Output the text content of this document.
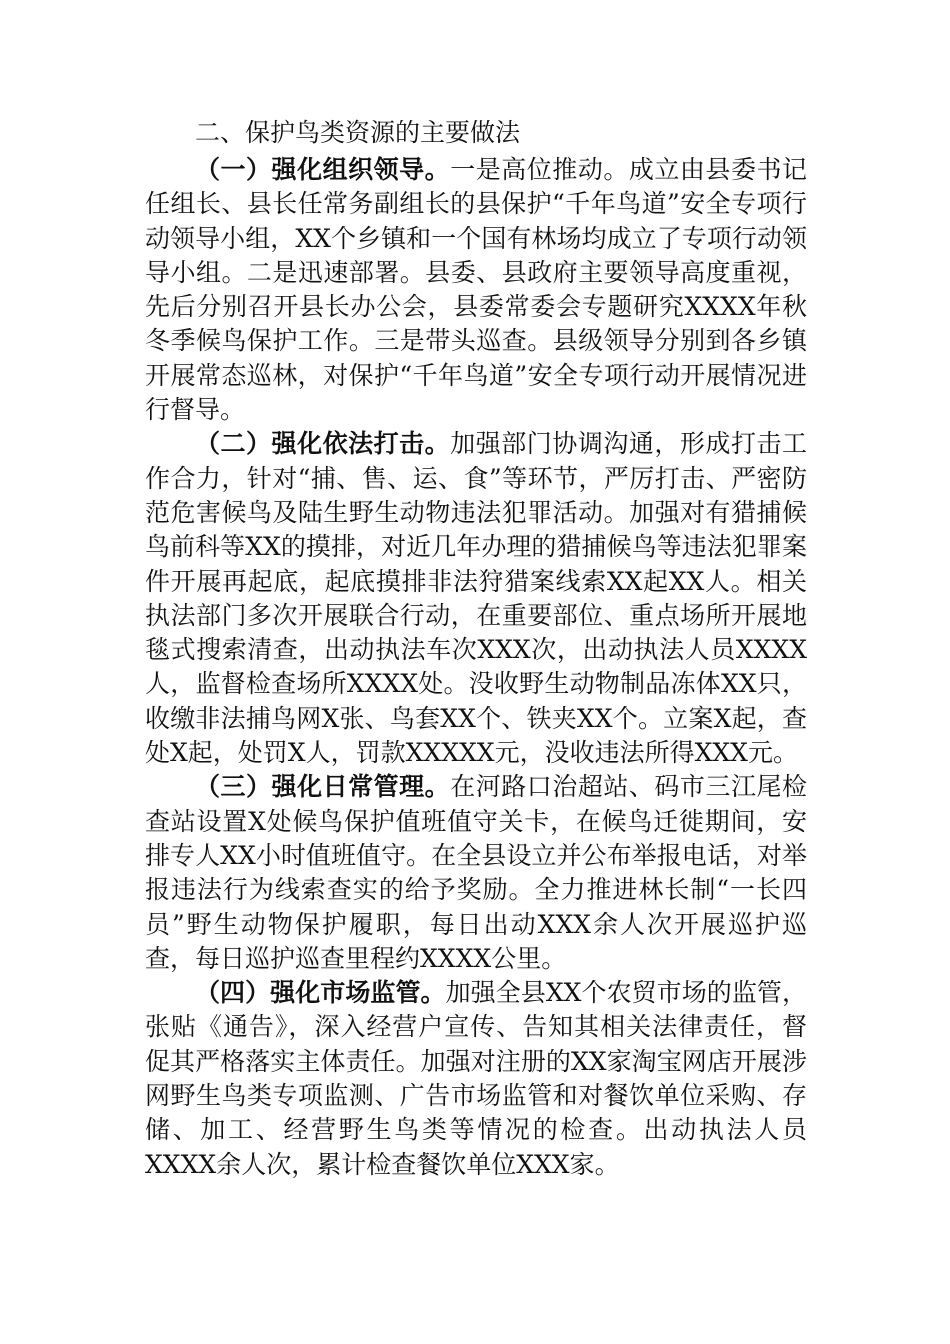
二、保护鸟类资源的主要做法

（一）强化组织领导。一是高位推动。成立由县委书记任组长、县长任常务副组长的县保护“千年鸟道”安全专项行动领导小组，XX个乡镇和一个国有林场均成立了专项行动领导小组。二是迅速部署。县委、县政府主要领导高度重视，先后分别召开县长办公会，县委常委会专题研究XXXX年秋冬季候鸟保护工作。三是带头巡查。县级领导分别到各乡镇开展常态巡林，对保护“千年鸟道”安全专项行动开展情况进行督导。

（二）强化依法打击。加强部门协调沟通，形成打击工作合力，针对“捕、售、运、食”等环节，严厉打击、严密防范危害候鸟及陆生野生动物违法犯罪活动。加强对有猎捕候鸟前科等XX的摸排，对近几年办理的猎捕候鸟等违法犯罪案件开展再起底，起底摸排非法狩猎案线索XX起XX人。相关执法部门多次开展联合行动，在重要部位、重点场所开展地毯式搜索清查，出动执法车次XXX次，出动执法人员XXXX人，监督检查场所XXXX处。没收野生动物制品冻体XX只，收缴非法捕鸟网X张、鸟套XX个、铁夹XX个。立案X起，查处X起，处罚X人，罚款XXXXX元，没收违法所得XXX元。

（三）强化日常管理。在河路口治超站、码市三江尾检查站设置X处候鸟保护值班值守关卡，在候鸟迁徙期间，安排专人XX小时值班值守。在全县设立并公布举报电话，对举报违法行为线索查实的给予奖励。全力推进林长制“一长四员”野生动物保护履职，每日出动XXX余人次开展巡护巡查，每日巡护巡查里程约XXXX公里。

（四）强化市场监管。加强全县XX个农贸市场的监管，张贴《通告》，深入经营户宣传、告知其相关法律责任，督促其严格落实主体责任。加强对注册的XX家淘宝网店开展涉网野生鸟类专项监测、广告市场监管和对餐饮单位采购、存储、加工、经营野生鸟类等情况的检查。出动执法人员XXXX余人次，累计检查餐饮单位XXX家。
